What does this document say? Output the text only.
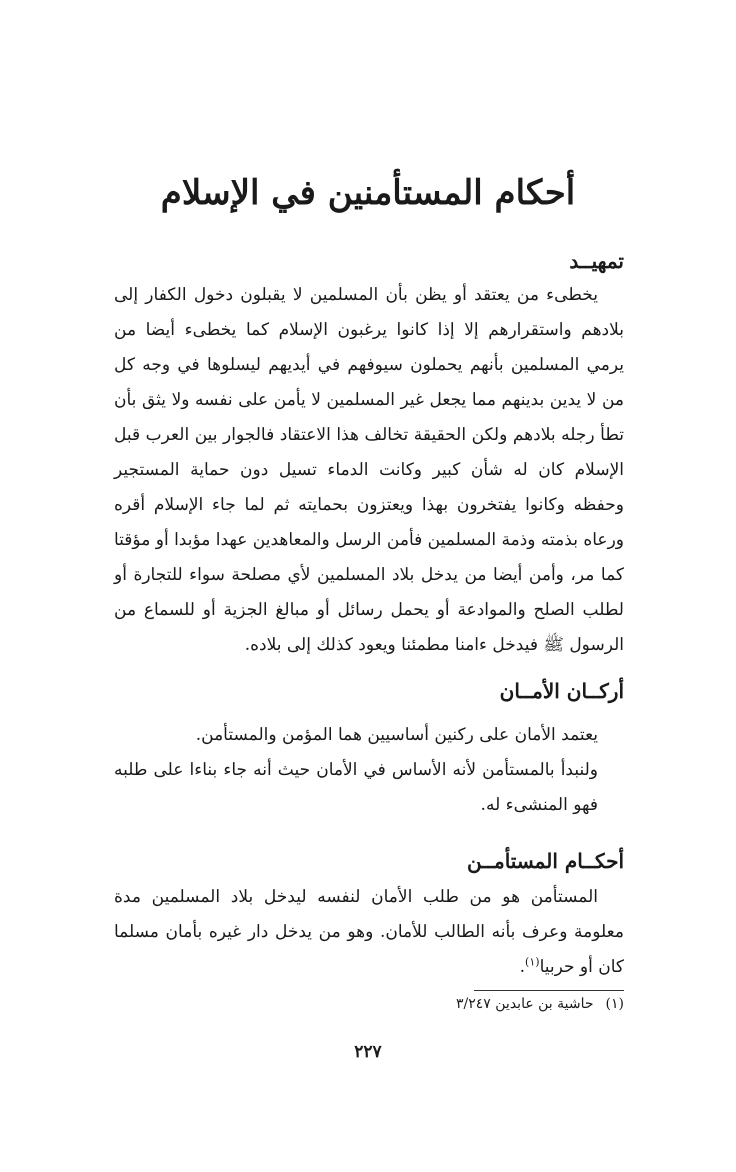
أحكام المستأمنين في الإسلام
تمهيــد

يخطىء من يعتقد أو يظن بأن المسلمين لا يقبلون دخول الكفار إلى بلادهم واستقرارهم إلا إذا كانوا يرغبون الإسلام كما يخطىء أيضا من يرمي المسلمين بأنهم يحملون سيوفهم في أيديهم ليسلوها في وجه كل من لا يدين بدينهم مما يجعل غير المسلمين لا يأمن على نفسه ولا يثق بأن تطأ رجله بلادهم ولكن الحقيقة تخالف هذا الاعتقاد فالجوار بين العرب قبل الإسلام كان له شأن كبير وكانت الدماء تسيل دون حماية المستجير وحفظه وكانوا يفتخرون بهذا ويعتزون بحمايته ثم لما جاء الإسلام أقره ورعاه بذمته وذمة المسلمين فأمن الرسل والمعاهدين عهدا مؤبدا أو مؤقتا كما مر، وأمن أيضا من يدخل بلاد المسلمين لأي مصلحة سواء للتجارة أو لطلب الصلح والموادعة أو يحمل رسائل أو مبالغ الجزية أو للسماع من الرسول ﷺ فيدخل ءامنا مطمئنا ويعود كذلك إلى بلاده.

أركــان الأمــان
يعتمد الأمان على ركنين أساسيين هما المؤمن والمستأمن.
ولنبدأ بالمستأمن لأنه الأساس في الأمان حيث أنه جاء بناءا على طلبه فهو المنشىء له.
أحكــام المستأمــن

المستأمن هو من طلب الأمان لنفسه ليدخل بلاد المسلمين مدة معلومة وعرف بأنه الطالب للأمان. وهو من يدخل دار غيره بأمان مسلما كان أو حربيا$^{(١)}$.

(١)حاشية بن عابدين ٣/٢٤٧

٢٢٧
